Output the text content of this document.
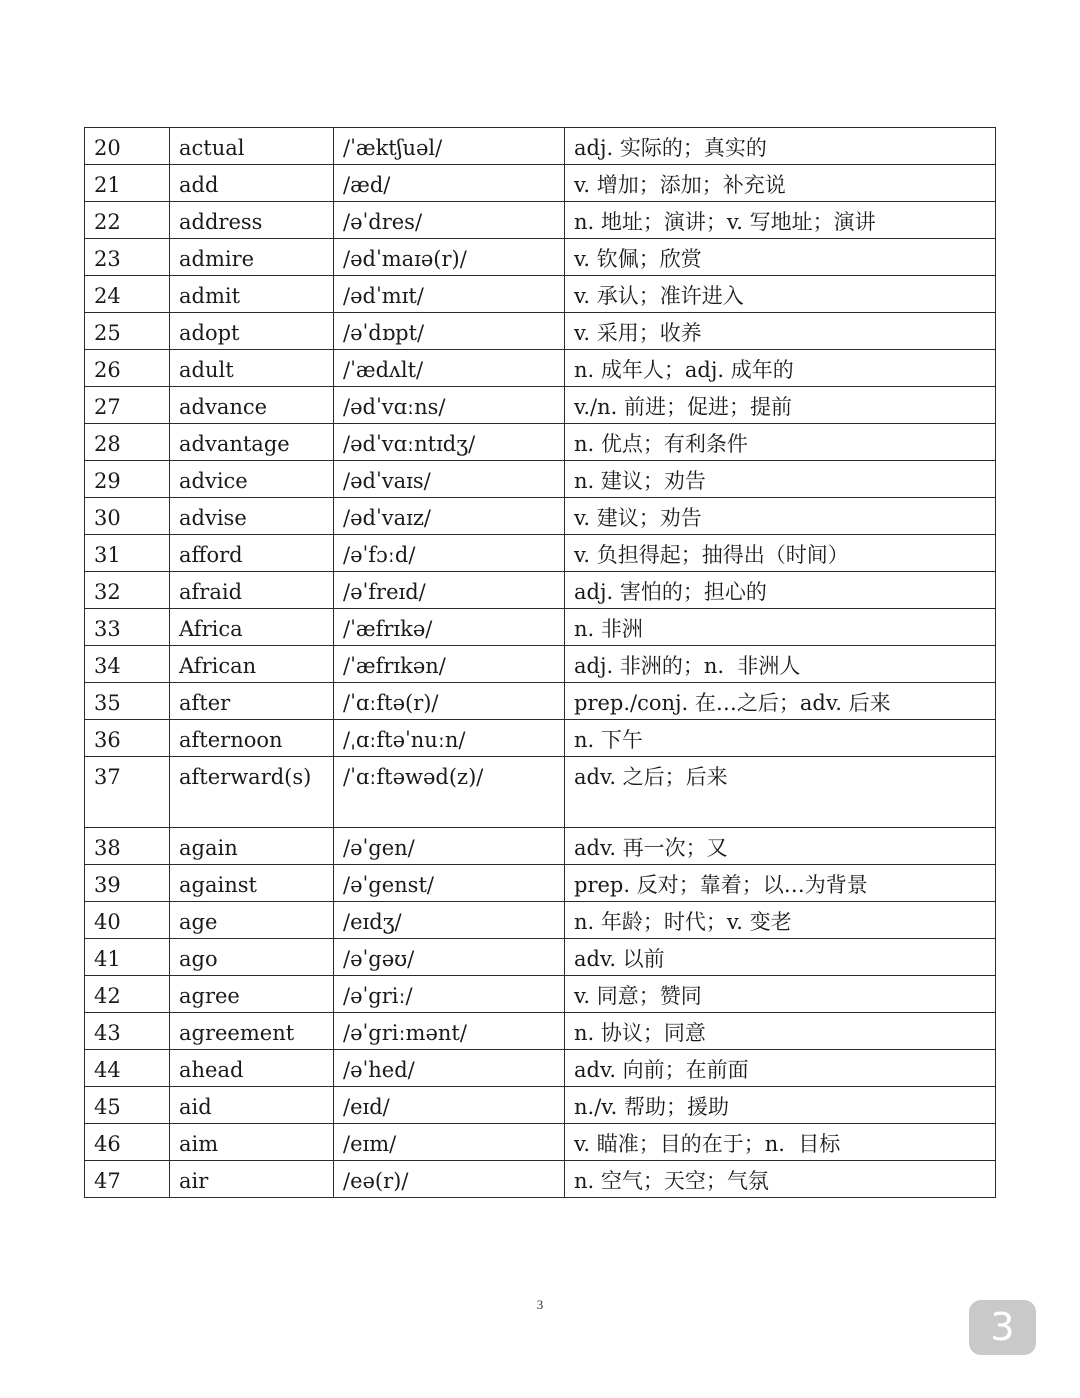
20	actual	/ˈæktʃuəl/	adj. 实际的；真实的
21	add	/æd/	v. 增加；添加；补充说
22	address	/əˈdres/	n. 地址；演讲；v. 写地址；演讲
23	admire	/ədˈmaɪə(r)/	v. 钦佩；欣赏
24	admit	/ədˈmɪt/	v. 承认；准许进入
25	adopt	/əˈdɒpt/	v. 采用；收养
26	adult	/ˈædʌlt/	n. 成年人；adj. 成年的
27	advance	/ədˈvɑːns/	v./n. 前进；促进；提前
28	advantage	/ədˈvɑːntɪdʒ/	n. 优点；有利条件
29	advice	/ədˈvaɪs/	n. 建议；劝告
30	advise	/ədˈvaɪz/	v. 建议；劝告
31	afford	/əˈfɔːd/	v. 负担得起；抽得出（时间）
32	afraid	/əˈfreɪd/	adj. 害怕的；担心的
33	Africa	/ˈæfrɪkə/	n. 非洲
34	African	/ˈæfrɪkən/	adj. 非洲的；n.  非洲人
35	after	/ˈɑːftə(r)/	prep./conj. 在…之后；adv. 后来
36	afternoon	/ˌɑːftəˈnuːn/	n. 下午
37	afterward(s)	/ˈɑːftəwəd(z)/	adv. 之后；后来
38	again	/əˈgen/	adv. 再一次；又
39	against	/əˈgenst/	prep. 反对；靠着；以…为背景
40	age	/eɪdʒ/	n. 年龄；时代；v. 变老
41	ago	/əˈgəʊ/	adv. 以前
42	agree	/əˈgriː/	v. 同意；赞同
43	agreement	/əˈgriːmənt/	n. 协议；同意
44	ahead	/əˈhed/	adv. 向前；在前面
45	aid	/eɪd/	n./v. 帮助；援助
46	aim	/eɪm/	v. 瞄准；目的在于；n.  目标
47	air	/eə(r)/	n. 空气；天空；气氛
3
3
